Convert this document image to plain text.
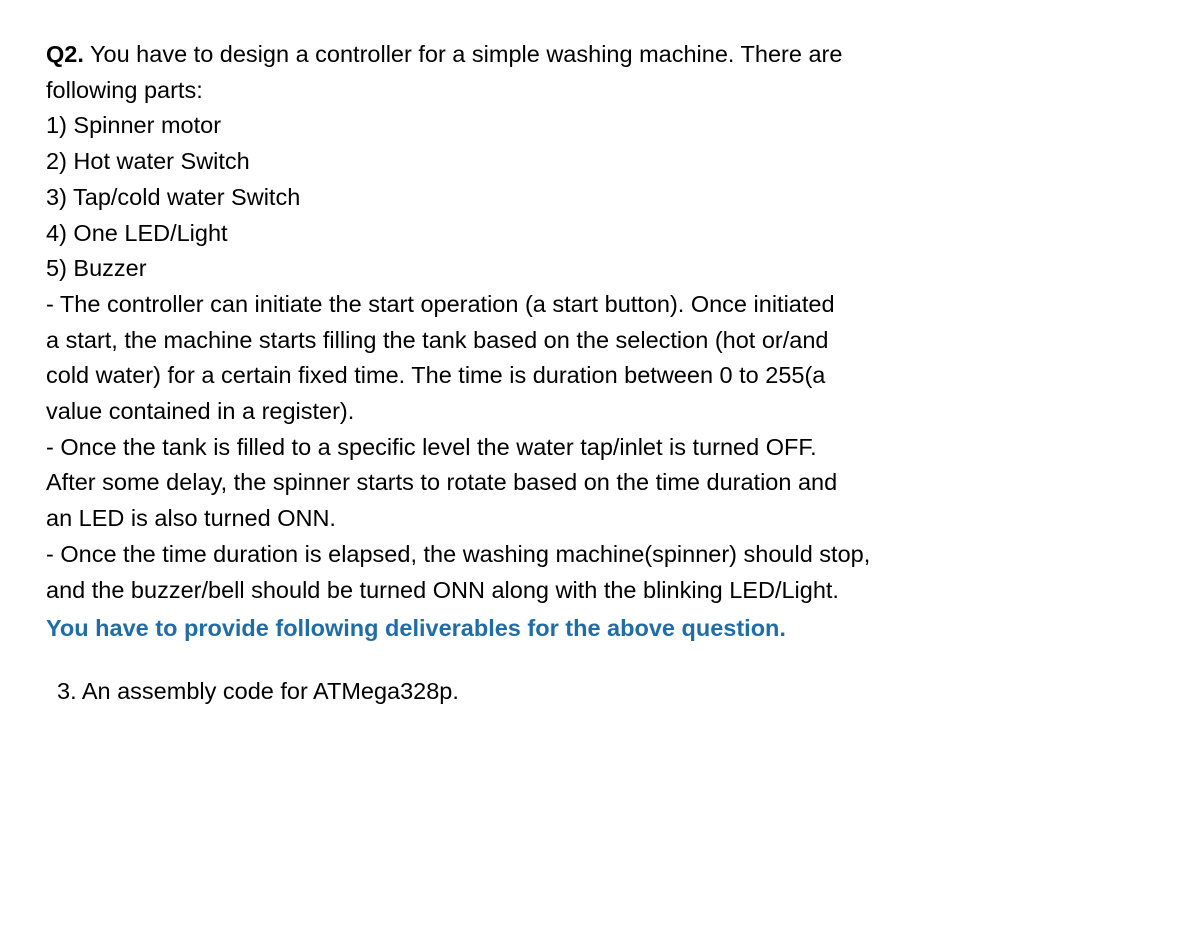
Q2. You have to design a controller for a simple washing machine. There are
following parts:
1) Spinner motor
2) Hot water Switch
3) Tap/cold water Switch
4) One LED/Light
5) Buzzer
- The controller can initiate the start operation (a start button). Once initiated
a start, the machine starts filling the tank based on the selection (hot or/and
cold water) for a certain fixed time. The time is duration between 0 to 255(a
value contained in a register).
- Once the tank is filled to a specific level the water tap/inlet is turned OFF.
After some delay, the spinner starts to rotate based on the time duration and
an LED is also turned ONN.
- Once the time duration is elapsed, the washing machine(spinner) should stop,
and the buzzer/bell should be turned ONN along with the blinking LED/Light.
You have to provide following deliverables for the above question.
3. An assembly code for ATMega328p.
